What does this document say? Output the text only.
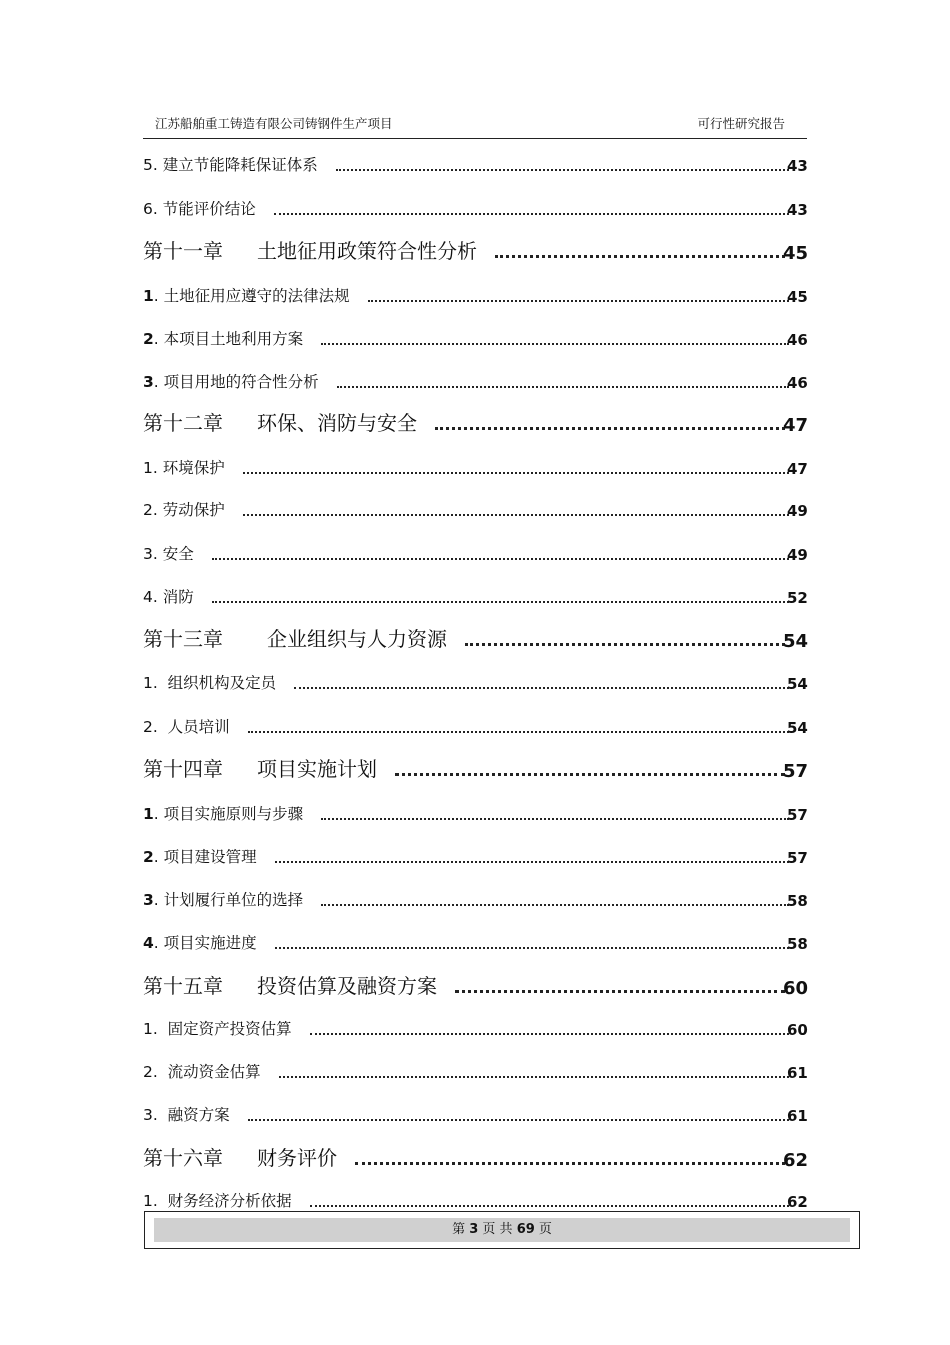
江苏船舶重工铸造有限公司铸钢件生产项目	可行性研究报告
5. 建立节能降耗保证体系	43
6. 节能评价结论	43
第十一章 土地征用政策符合性分析	45
1. 土地征用应遵守的法律法规	45
2. 本项目土地利用方案	46
3. 项目用地的符合性分析	46
第十二章 环保、消防与安全	47
1. 环境保护	47
2. 劳动保护	49
3. 安全	49
4. 消防	52
第十三章 企业组织与人力资源	54
1. 组织机构及定员	54
2. 人员培训	54
第十四章 项目实施计划	57
1. 项目实施原则与步骤	57
2. 项目建设管理	57
3. 计划履行单位的选择	58
4. 项目实施进度	58
第十五章 投资估算及融资方案	60
1. 固定资产投资估算	60
2. 流动资金估算	61
3. 融资方案	61
第十六章 财务评价	62
1. 财务经济分析依据	62
第 3 页 共 69 页
